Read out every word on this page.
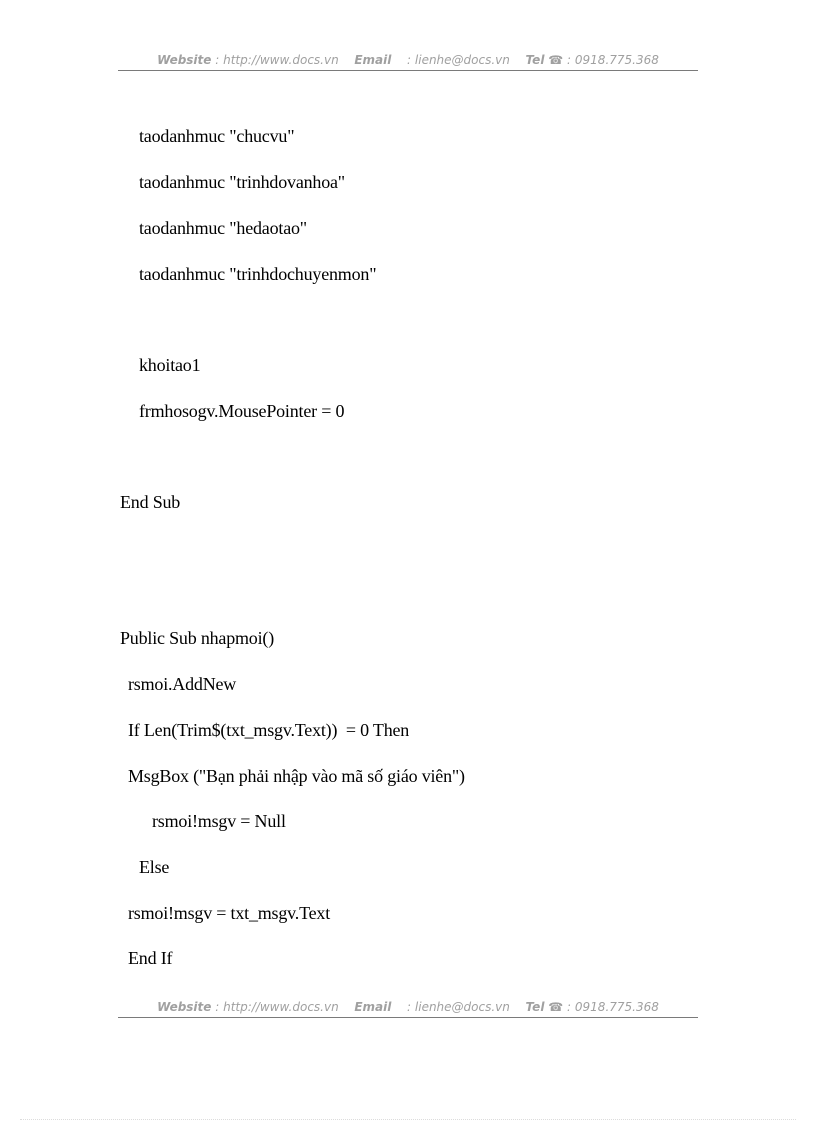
Website : http://www.docs.vn Email : lienhe@docs.vn Tel ☎ : 0918.775.368
taodanhmuc "chucvu"
taodanhmuc "trinhdovanhoa"
taodanhmuc "hedaotao"
taodanhmuc "trinhdochuyenmon"
khoitao1
frmhosogv.MousePointer = 0
End Sub
Public Sub nhapmoi()
rsmoi.AddNew
If Len(Trim$(txt_msgv.Text))  = 0 Then
MsgBox ("Bạn phải nhập vào mã số giáo viên")
rsmoi!msgv = Null
Else
rsmoi!msgv = txt_msgv.Text
End If
Website : http://www.docs.vn Email : lienhe@docs.vn Tel ☎ : 0918.775.368
